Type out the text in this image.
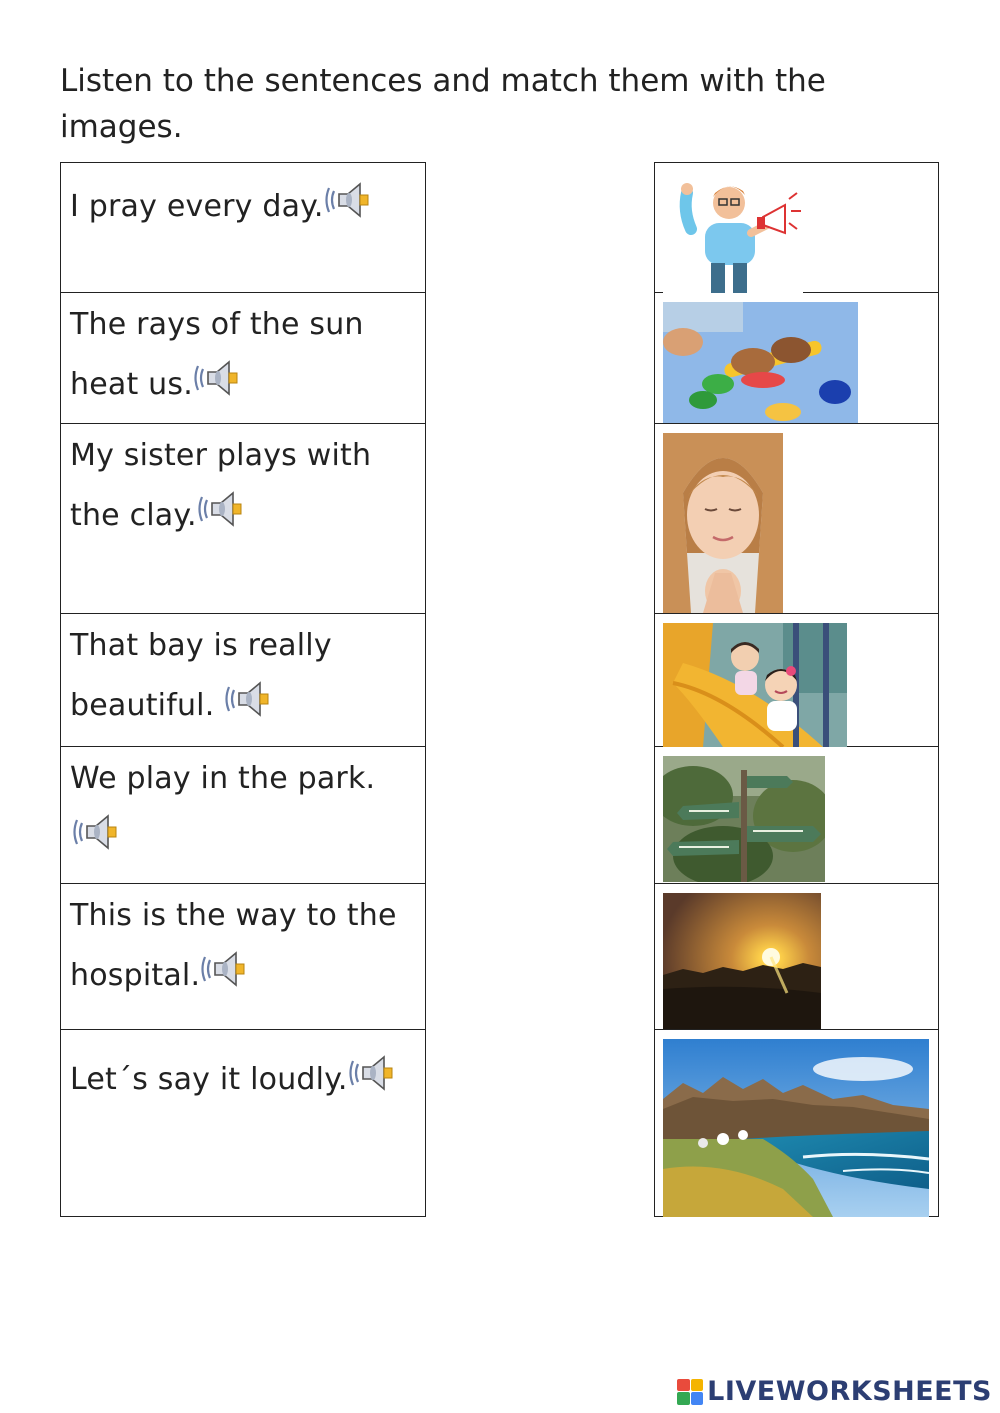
Listen to the sentences and match them with the images.
I pray every day.
The rays of the sun heat us.
My sister plays with the clay.
That bay is really beautiful.
We play in the park.

This is the way to the hospital.
Let´s say it loudly.
LIVEWORKSHEETS
